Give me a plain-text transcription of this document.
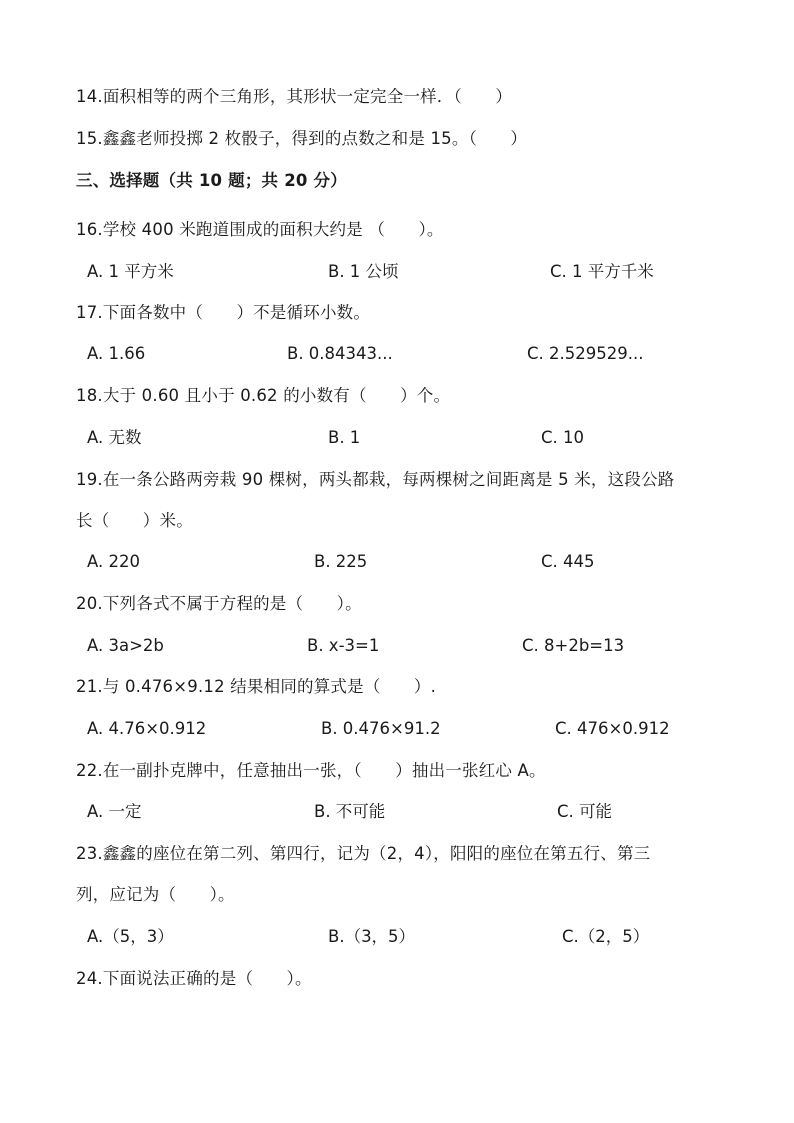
14.面积相等的两个三角形，其形状一定完全一样．（　　）
15.鑫鑫老师投掷 2 枚骰子，得到的点数之和是 15。（　　）
三、选择题（共 10 题；共 20 分）
16.学校 400 米跑道围成的面积大约是 （　　）。
A. 1 平方米	B. 1 公顷	C. 1 平方千米
17.下面各数中（　　）不是循环小数。
A. 1.66	B. 0.84343...	C. 2.529529...
18.大于 0.60 且小于 0.62 的小数有（　　）个。
A. 无数	B. 1	C. 10
19.在一条公路两旁栽 90 棵树，两头都栽，每两棵树之间距离是 5 米，这段公路
长（　　）米。
A. 220	B. 225	C. 445
20.下列各式不属于方程的是（　　）。
A. 3a>2b	B. x-3=1	C. 8+2b=13
21.与 0.476×9.12 结果相同的算式是（　　）.
A. 4.76×0.912	B. 0.476×91.2	C. 476×0.912
22.在一副扑克牌中，任意抽出一张，（　　）抽出一张红心 A。
A. 一定	B. 不可能	C. 可能
23.鑫鑫的座位在第二列、第四行，记为（2，4），阳阳的座位在第五行、第三
列，应记为（　　）。
A.（5，3）	B.（3，5）	C.（2，5）
24.下面说法正确的是（　　）。
